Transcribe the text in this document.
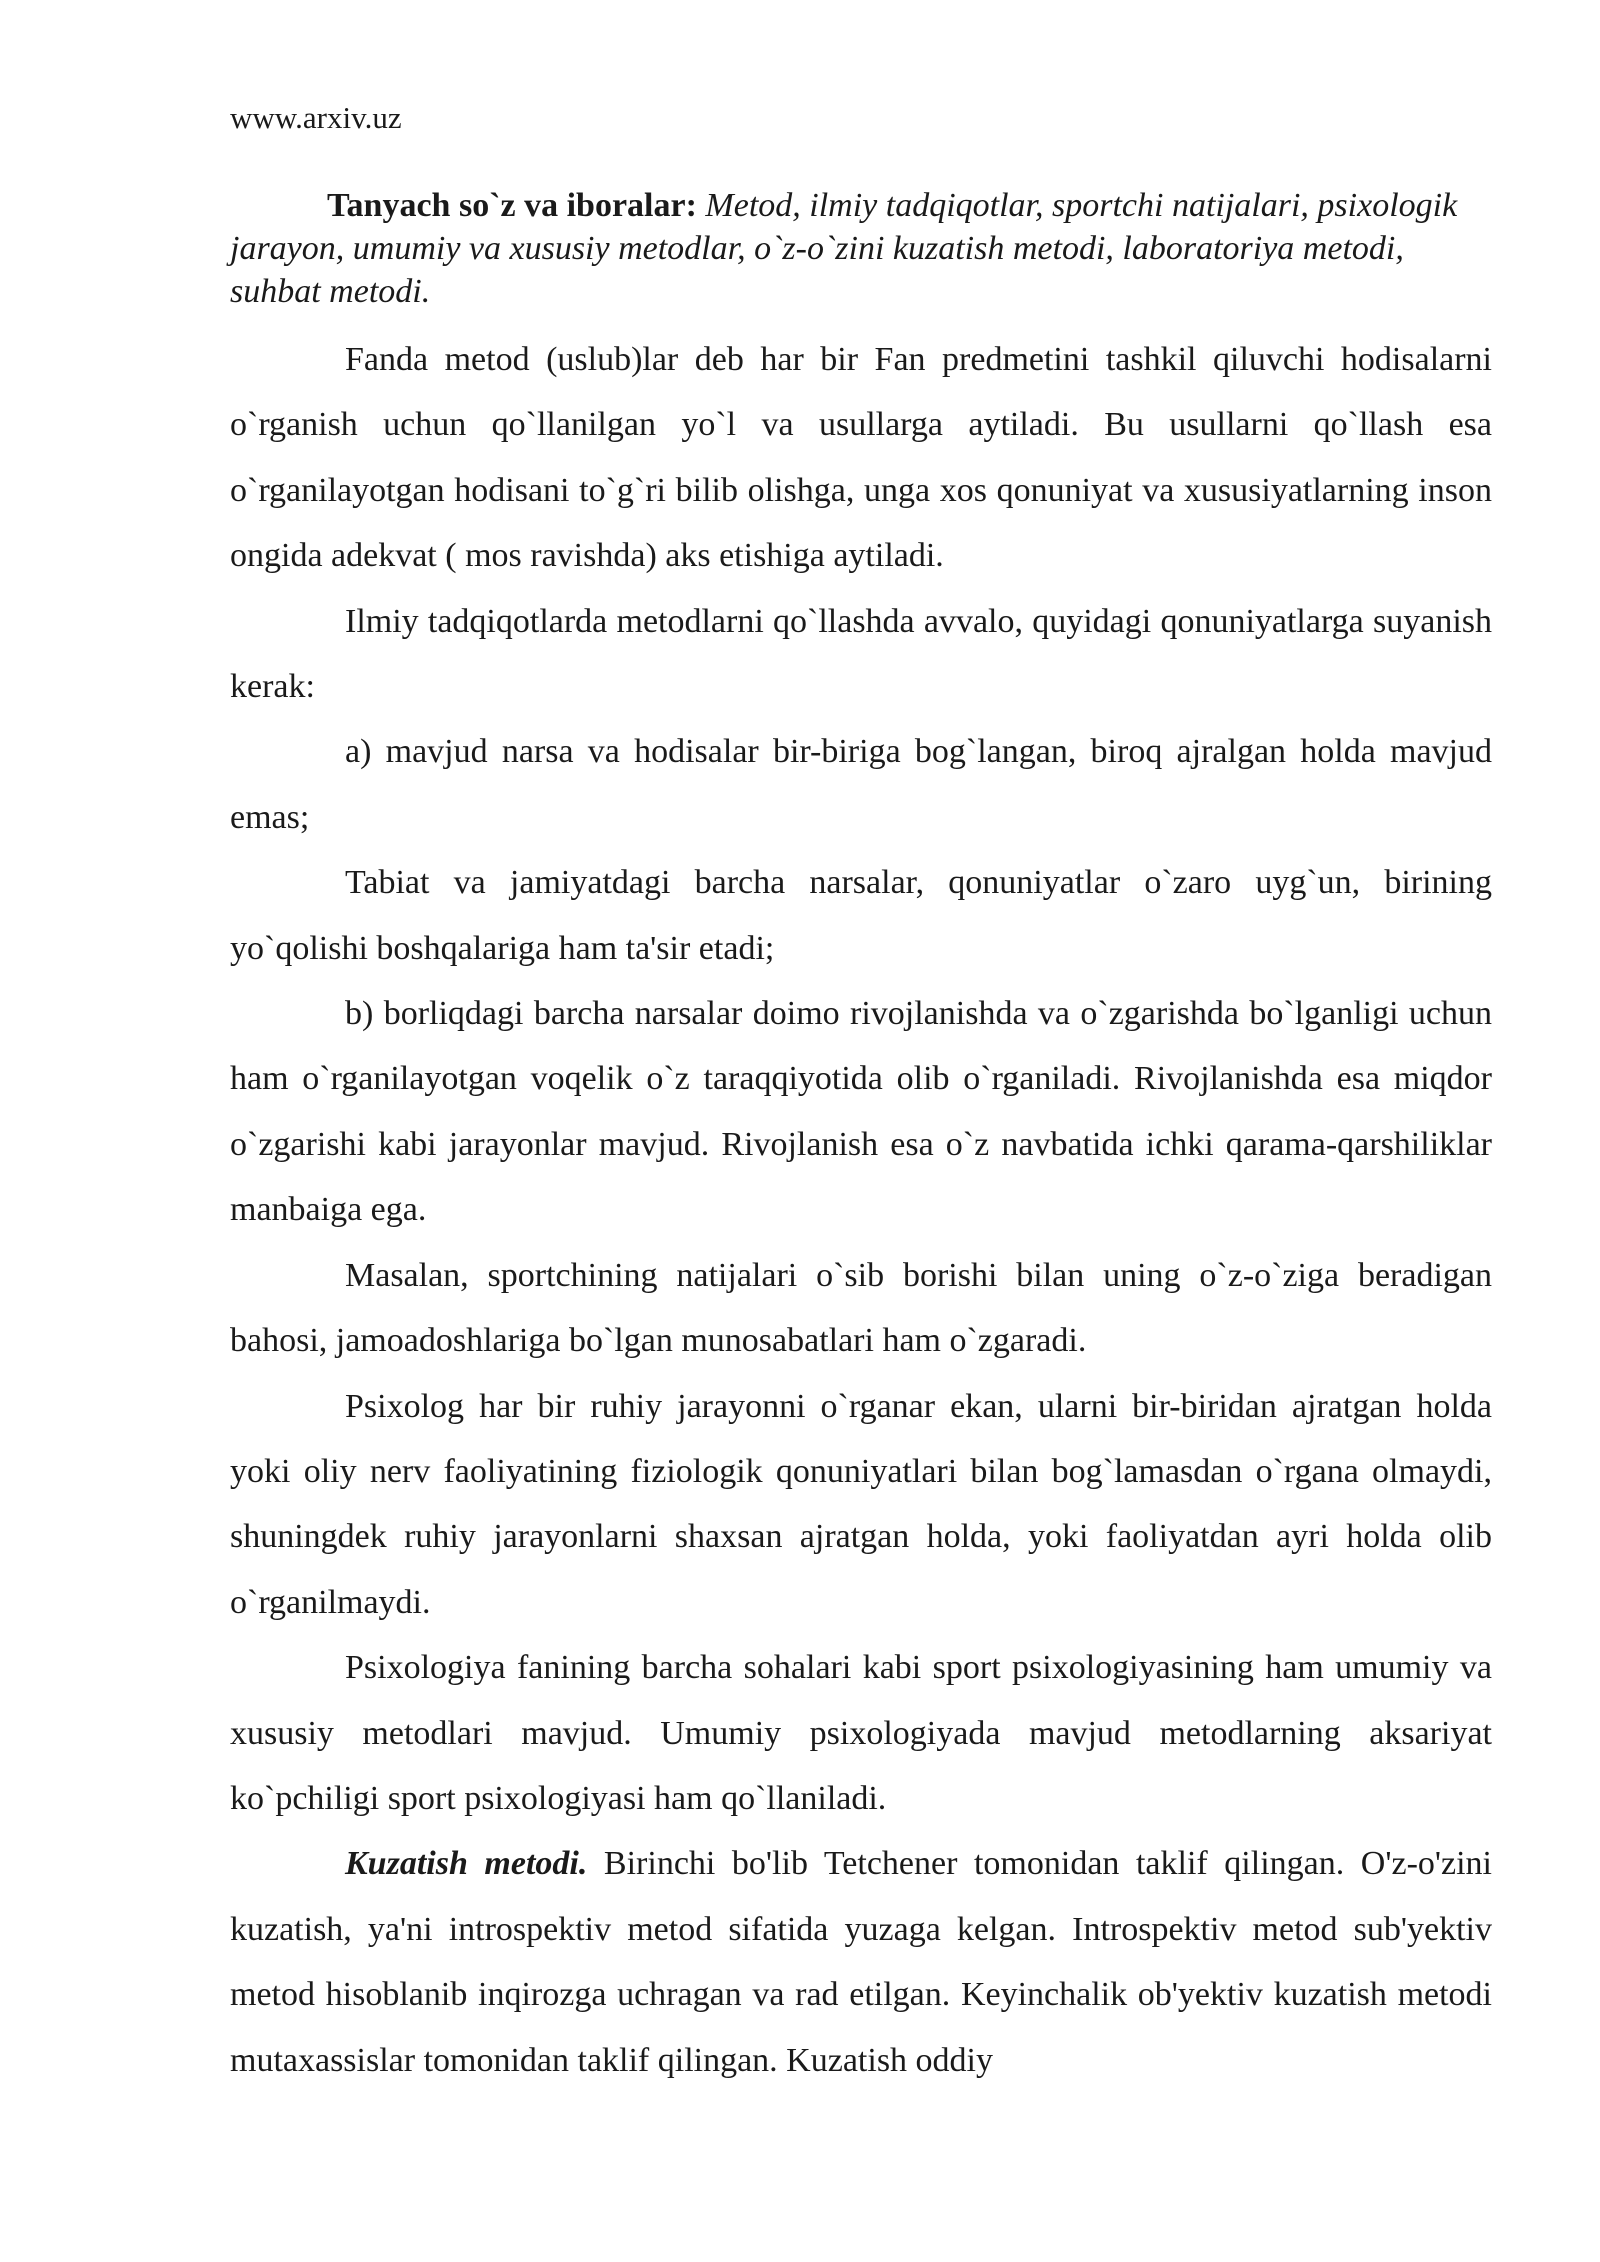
www.arxiv.uz

Tanyach so`z va iboralar: Metod, ilmiy tadqiqotlar, sportchi natijalari, psixologik jarayon, umumiy va xususiy metodlar, o`z-o`zini kuzatish metodi, laboratoriya metodi, suhbat metodi.

Fanda metod (uslub)lar deb har bir Fan predmetini tashkil qiluvchi hodisalarni o`rganish uchun qo`llanilgan yo`l va usullarga aytiladi. Bu usullarni qo`llash esa o`rganilayotgan hodisani to`g`ri bilib olishga, unga xos qonuniyat va xususiyatlarning inson ongida adekvat ( mos ravishda) aks etishiga aytiladi.

Ilmiy tadqiqotlarda metodlarni qo`llashda avvalo, quyidagi qonuniyatlarga suyanish kerak:

a) mavjud narsa va hodisalar bir-biriga bog`langan, biroq ajralgan holda mavjud emas;

Tabiat va jamiyatdagi barcha narsalar, qonuniyatlar o`zaro uyg`un, birining yo`qolishi boshqalariga ham ta'sir etadi;

b) borliqdagi barcha narsalar doimo rivojlanishda va o`zgarishda bo`lganligi uchun ham o`rganilayotgan voqelik o`z taraqqiyotida olib o`rganiladi. Rivojlanishda esa miqdor o`zgarishi kabi jarayonlar mavjud. Rivojlanish esa o`z navbatida ichki qarama-qarshiliklar manbaiga ega.

Masalan, sportchining natijalari o`sib borishi bilan uning o`z-o`ziga beradigan bahosi, jamoadoshlariga bo`lgan munosabatlari ham o`zgaradi.

Psixolog har bir ruhiy jarayonni o`rganar ekan, ularni bir-biridan ajratgan holda yoki oliy nerv faoliyatining fiziologik qonuniyatlari bilan bog`lamasdan o`rgana olmaydi, shuningdek ruhiy jarayonlarni shaxsan ajratgan holda, yoki faoliyatdan ayri holda olib o`rganilmaydi.

Psixologiya fanining barcha sohalari kabi sport psixologiyasining ham umumiy va xususiy metodlari mavjud. Umumiy psixologiyada mavjud metodlarning aksariyat ko`pchiligi sport psixologiyasi ham qo`llaniladi.

Kuzatish metodi. Birinchi bo'lib Tetchener tomonidan taklif qilingan. O'z-o'zini kuzatish, ya'ni introspektiv metod sifatida yuzaga kelgan. Introspektiv metod sub'yektiv metod hisoblanib inqirozga uchragan va rad etilgan. Keyinchalik ob'yektiv kuzatish metodi mutaxassislar tomonidan taklif qilingan. Kuzatish oddiy
